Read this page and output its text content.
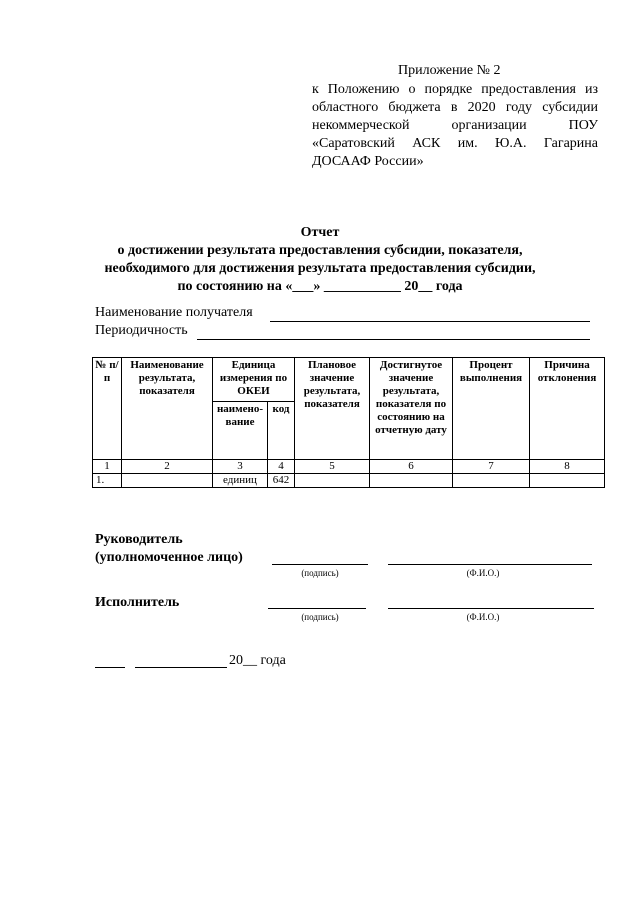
Приложение № 2
к Положению о порядке предоставления из областного бюджета в 2020 году субсидии некоммерческой организации ПОУ «Саратовский АСК им. Ю.А. Гагарина ДОСААФ России»
Отчет
о достижении результата предоставления субсидии, показателя,
необходимого для достижения результата предоставления субсидии,
по состоянию на «___» ___________ 20__ года
Наименование получателя
Периодичность
№ п/п	Наименование результата, показателя	Единица измерения по ОКЕИ		Плановое значение результата, показателя	Достигнутое значение результата, показателя по состоянию на отчетную дату	Процент выполнения	Причина отклонения
		наимено-вание	код				
1	2	3	4	5	6	7	8
1.		единиц	642				
Руководитель
(уполномоченное лицо)
(подпись)	(Ф.И.О.)
Исполнитель
(подпись)	(Ф.И.О.)
20__ года
